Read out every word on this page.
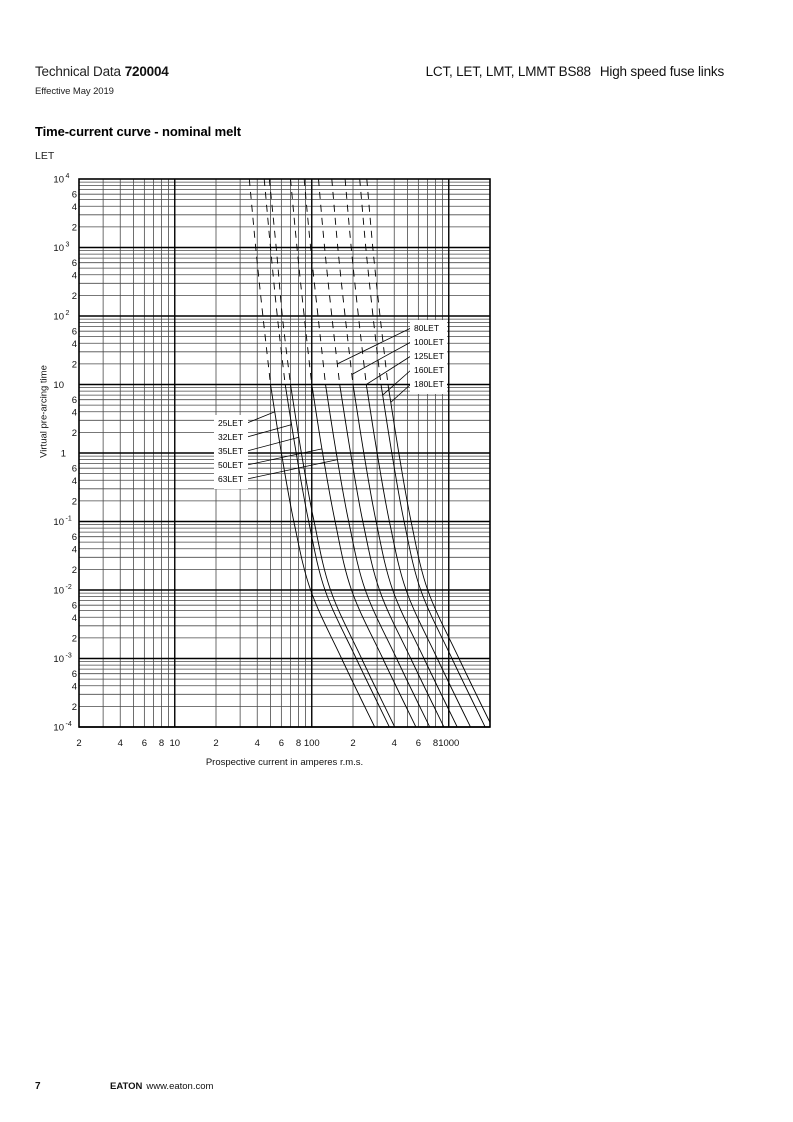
Technical Data 720004
Effective May 2019
LCT, LET, LMT, LMMT BS88 High speed fuse links
Time-current curve - nominal melt
LET
25LET
32LET
35LET
50LET
63LET
80LET
100LET
125LET
160LET
180LET
2	4 6 8 10	2	4 6 8 100	2	4 6 8 1000
10 4
6
4
2
10 3
6
4
2
10 2
6
4
2
10
6
4
2
1
6
4
2
10 -1
6
4
2
10 -2
6
4
2
10 -3
6
4
2
10 -4
Prospective current in amperes r.m.s.
Virtual pre-arcing time
7	EATON www.eaton.com
